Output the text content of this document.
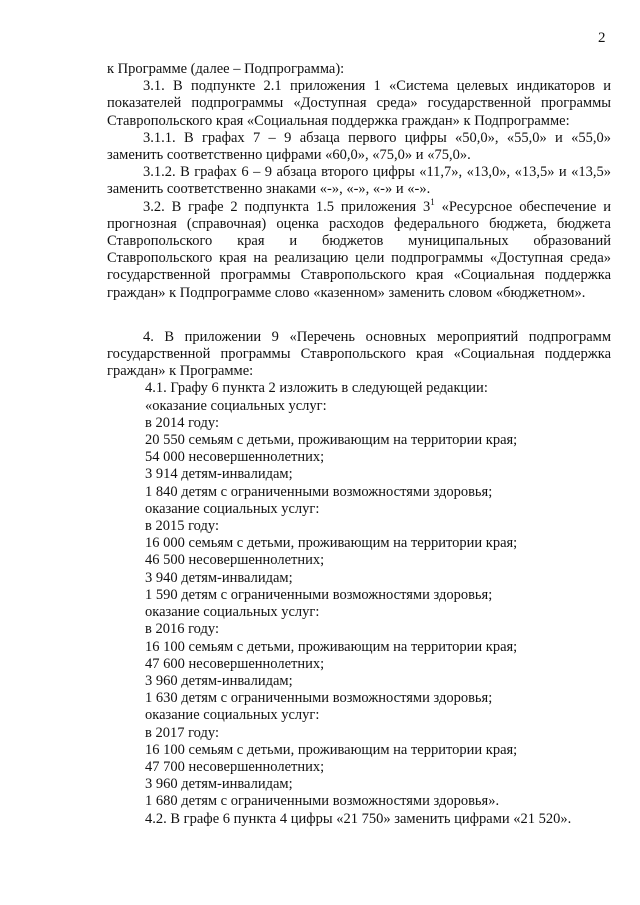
2
к Программе (далее – Подпрограмма):
3.1. В подпункте 2.1 приложения 1 «Система целевых индикаторов и показателей подпрограммы «Доступная среда» государственной программы Ставропольского края «Социальная поддержка граждан» к Подпрограмме:
3.1.1. В графах 7 – 9 абзаца первого цифры «50,0», «55,0» и «55,0» заменить соответственно цифрами «60,0», «75,0» и «75,0».
3.1.2. В графах 6 – 9 абзаца второго цифры «11,7», «13,0», «13,5» и «13,5» заменить соответственно знаками «-», «-», «-» и «-».
3.2. В графе 2 подпункта 1.5 приложения $3^1$ «Ресурсное обеспечение и прогнозная (справочная) оценка расходов федерального бюджета, бюджета Ставропольского края и бюджетов муниципальных образований Ставропольского края на реализацию цели подпрограммы «Доступная среда» государственной программы Ставропольского края «Социальная поддержка граждан» к Подпрограмме слово «казенном» заменить словом «бюджетном».
4. В приложении 9 «Перечень основных мероприятий подпрограмм государственной программы Ставропольского края «Социальная поддержка граждан» к Программе:
4.1. Графу 6 пункта 2 изложить в следующей редакции:
«оказание социальных услуг:
в 2014 году:
20 550 семьям с детьми, проживающим на территории края;
54 000 несовершеннолетних;
3 914 детям-инвалидам;
1 840 детям с ограниченными возможностями здоровья;
оказание социальных услуг:
в 2015 году:
16 000 семьям с детьми, проживающим на территории края;
46 500 несовершеннолетних;
3 940 детям-инвалидам;
1 590 детям с ограниченными возможностями здоровья;
оказание социальных услуг:
в 2016 году:
16 100 семьям с детьми, проживающим на территории края;
47 600 несовершеннолетних;
3 960 детям-инвалидам;
1 630 детям с ограниченными возможностями здоровья;
оказание социальных услуг:
в 2017 году:
16 100 семьям с детьми, проживающим на территории края;
47 700 несовершеннолетних;
3 960 детям-инвалидам;
1 680 детям с ограниченными возможностями здоровья».
4.2. В графе 6 пункта 4 цифры «21 750» заменить цифрами «21 520».
